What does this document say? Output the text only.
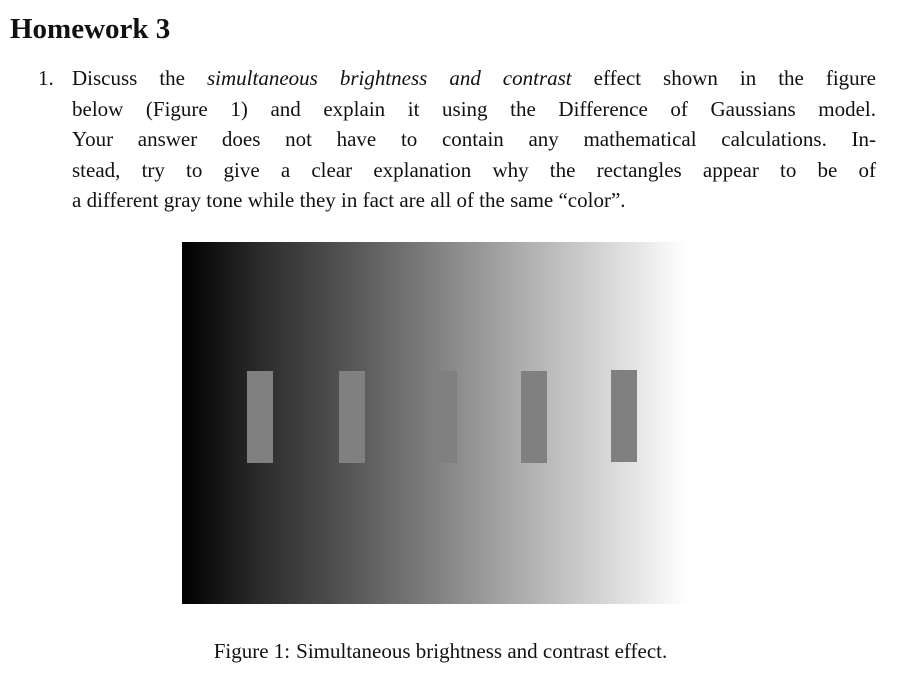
Homework 3
1. Discuss the simultaneous brightness and contrast effect shown in the figure
below (Figure 1) and explain it using the Difference of Gaussians model.
Your answer does not have to contain any mathematical calculations. In-
stead, try to give a clear explanation why the rectangles appear to be of
a different gray tone while they in fact are all of the same “color”.
Figure 1: Simultaneous brightness and contrast effect.
